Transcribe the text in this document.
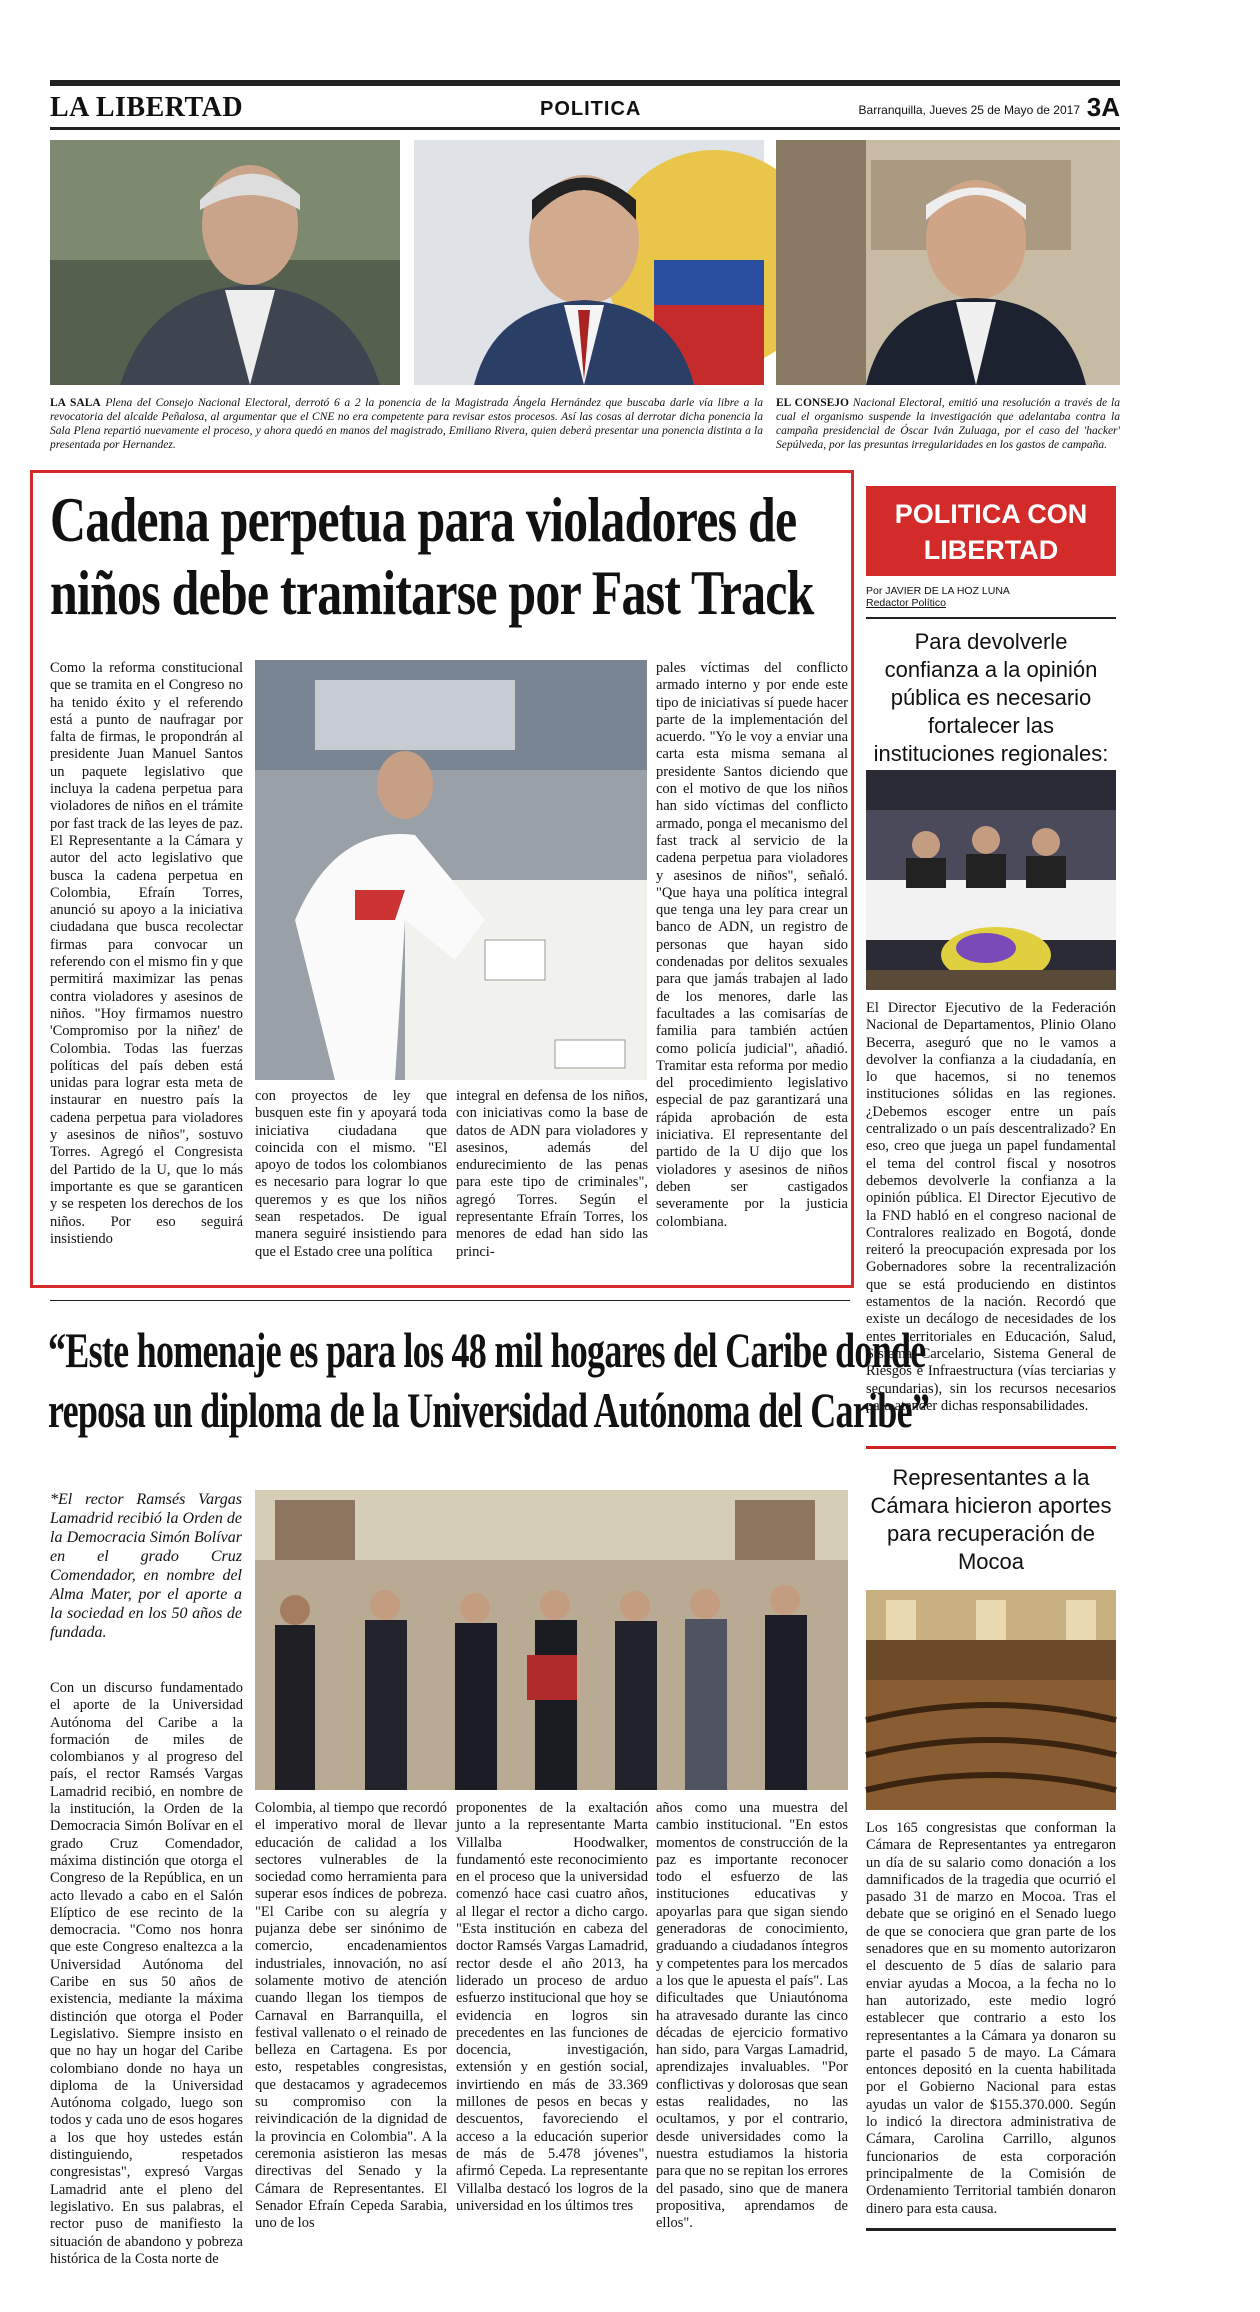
LA LIBERTAD	POLITICA	Barranquilla, Jueves 25 de Mayo de 2017 3A
LA SALA Plena del Consejo Nacional Electoral, derrotó 6 a 2 la ponencia de la Magistrada Ángela Hernández que buscaba darle vía libre a la revocatoria del alcalde Peñalosa, al argumentar que el CNE no era competente para revisar estos procesos. Así las cosas al derrotar dicha ponencia la Sala Plena repartió nuevamente el proceso, y ahora quedó en manos del magistrado, Emiliano Rivera, quien deberá presentar una ponencia distinta a la presentada por Hernandez.
EL CONSEJO Nacional Electoral, emitió una resolución a través de la cual el organismo suspende la investigación que adelantaba contra la campaña presidencial de Óscar Iván Zuluaga, por el caso del 'hacker' Sepúlveda, por las presuntas irregularidades en los gastos de campaña.
Cadena perpetua para violadores de
niños debe tramitarse por Fast Track
Como la reforma constitucional que se tramita en el Congreso no ha tenido éxito y el referendo está a punto de naufragar por falta de firmas, le propondrán al presidente Juan Manuel Santos un paquete legislativo que incluya la cadena perpetua para violadores de niños en el trámite por fast track de las leyes de paz. El Representante a la Cámara y autor del acto legislativo que busca la cadena perpetua en Colombia, Efraín Torres, anunció su apoyo a la iniciativa ciudadana que busca recolectar firmas para convocar un referendo con el mismo fin y que permitirá maximizar las penas contra violadores y asesinos de niños. "Hoy firmamos nuestro 'Compromiso por la niñez' de Colombia. Todas las fuerzas políticas del país deben está unidas para lograr esta meta de instaurar en nuestro país la cadena perpetua para violadores y asesinos de niños", sostuvo Torres. Agregó el Congresista del Partido de la U, que lo más importante es que se garanticen y se respeten los derechos de los niños. Por eso seguirá insistiendo
con proyectos de ley que busquen este fin y apoyará toda iniciativa ciudadana que coincida con el mismo. "El apoyo de todos los colombianos es necesario para lograr lo que queremos y es que los niños sean respetados. De igual manera seguiré insistiendo para que el Estado cree una política
integral en defensa de los niños, con iniciativas como la base de datos de ADN para violadores y asesinos, además del endurecimiento de las penas para este tipo de criminales", agregó Torres. Según el representante Efraín Torres, los menores de edad han sido las princi-
pales víctimas del conflicto armado interno y por ende este tipo de iniciativas sí puede hacer parte de la implementación del acuerdo. "Yo le voy a enviar una carta esta misma semana al presidente Santos diciendo que con el motivo de que los niños han sido víctimas del conflicto armado, ponga el mecanismo del fast track al servicio de la cadena perpetua para violadores y asesinos de niños", señaló. "Que haya una política integral que tenga una ley para crear un banco de ADN, un registro de personas que hayan sido condenadas por delitos sexuales para que jamás trabajen al lado de los menores, darle las facultades a las comisarías de familia para también actúen como policía judicial", añadió. Tramitar esta reforma por medio del procedimiento legislativo especial de paz garantizará una rápida aprobación de esta iniciativa. El representante del partido de la U dijo que los violadores y asesinos de niños deben ser castigados severamente por la justicia colombiana.
POLITICA CON
LIBERTAD
Por JAVIER DE LA HOZ LUNA
Redactor Político
Para devolverle confianza a la opinión pública es necesario fortalecer las instituciones regionales:
El Director Ejecutivo de la Federación Nacional de Departamentos, Plinio Olano Becerra, aseguró que no le vamos a devolver la confianza a la ciudadanía, en lo que hacemos, si no tenemos instituciones sólidas en las regiones. ¿Debemos escoger entre un país centralizado o un país descentralizado? En eso, creo que juega un papel fundamental el tema del control fiscal y nosotros debemos devolverle la confianza a la opinión pública. El Director Ejecutivo de la FND habló en el congreso nacional de Contralores realizado en Bogotá, donde reiteró la preocupación expresada por los Gobernadores sobre la recentralización que se está produciendo en distintos estamentos de la nación. Recordó que existe un decálogo de necesidades de los entes territoriales en Educación, Salud, Sistema Carcelario, Sistema General de Riesgos e Infraestructura (vías terciarias y secundarias), sin los recursos necesarios para atender dichas responsabilidades.
Representantes a la Cámara hicieron aportes para recuperación de Mocoa
Los 165 congresistas que conforman la Cámara de Representantes ya entregaron un día de su salario como donación a los damnificados de la tragedia que ocurrió el pasado 31 de marzo en Mocoa. Tras el debate que se originó en el Senado luego de que se conociera que gran parte de los senadores que en su momento autorizaron el descuento de 5 días de salario para enviar ayudas a Mocoa, a la fecha no lo han autorizado, este medio logró establecer que contrario a esto los representantes a la Cámara ya donaron su parte el pasado 5 de mayo. La Cámara entonces depositó en la cuenta habilitada por el Gobierno Nacional para estas ayudas un valor de $155.370.000. Según lo indicó la directora administrativa de Cámara, Carolina Carrillo, algunos funcionarios de esta corporación principalmente de la Comisión de Ordenamiento Territorial también donaron dinero para esta causa.
“Este homenaje es para los 48 mil hogares del Caribe donde
reposa un diploma de la Universidad Autónoma del Caribe”
*El rector Ramsés Vargas Lamadrid recibió la Orden de la Democracia Simón Bolívar en el grado Cruz Comendador, en nombre del Alma Mater, por el aporte a la sociedad en los 50 años de fundada.
Con un discurso fundamentado el aporte de la Universidad Autónoma del Caribe a la formación de miles de colombianos y al progreso del país, el rector Ramsés Vargas Lamadrid recibió, en nombre de la institución, la Orden de la Democracia Simón Bolívar en el grado Cruz Comendador, máxima distinción que otorga el Congreso de la República, en un acto llevado a cabo en el Salón Elíptico de ese recinto de la democracia. "Como nos honra que este Congreso enaltezca a la Universidad Autónoma del Caribe en sus 50 años de existencia, mediante la máxima distinción que otorga el Poder Legislativo. Siempre insisto en que no hay un hogar del Caribe colombiano donde no haya un diploma de la Universidad Autónoma colgado, luego son todos y cada uno de esos hogares a los que hoy ustedes están distinguiendo, respetados congresistas", expresó Vargas Lamadrid ante el pleno del legislativo. En sus palabras, el rector puso de manifiesto la situación de abandono y pobreza histórica de la Costa norte de
Colombia, al tiempo que recordó el imperativo moral de llevar educación de calidad a los sectores vulnerables de la sociedad como herramienta para superar esos índices de pobreza. "El Caribe con su alegría y pujanza debe ser sinónimo de comercio, encadenamientos industriales, innovación, no así solamente motivo de atención cuando llegan los tiempos de Carnaval en Barranquilla, el festival vallenato o el reinado de belleza en Cartagena. Es por esto, respetables congresistas, que destacamos y agradecemos su compromiso con la reivindicación de la dignidad de la provincia en Colombia". A la ceremonia asistieron las mesas directivas del Senado y la Cámara de Representantes. El Senador Efraín Cepeda Sarabia, uno de los
proponentes de la exaltación junto a la representante Marta Villalba Hoodwalker, fundamentó este reconocimiento en el proceso que la universidad comenzó hace casi cuatro años, al llegar el rector a dicho cargo. "Esta institución en cabeza del doctor Ramsés Vargas Lamadrid, rector desde el año 2013, ha liderado un proceso de arduo esfuerzo institucional que hoy se evidencia en logros sin precedentes en las funciones de docencia, investigación, extensión y en gestión social, invirtiendo en más de 33.369 millones de pesos en becas y descuentos, favoreciendo el acceso a la educación superior de más de 5.478 jóvenes", afirmó Cepeda. La representante Villalba destacó los logros de la universidad en los últimos tres
años como una muestra del cambio institucional. "En estos momentos de construcción de la paz es importante reconocer todo el esfuerzo de las instituciones educativas y apoyarlas para que sigan siendo generadoras de conocimiento, graduando a ciudadanos íntegros y competentes para los mercados a los que le apuesta el país". Las dificultades que Uniautónoma ha atravesado durante las cinco décadas de ejercicio formativo han sido, para Vargas Lamadrid, aprendizajes invaluables. "Por conflictivas y dolorosas que sean estas realidades, no las ocultamos, y por el contrario, desde universidades como la nuestra estudiamos la historia para que no se repitan los errores del pasado, sino que de manera propositiva, aprendamos de ellos".
